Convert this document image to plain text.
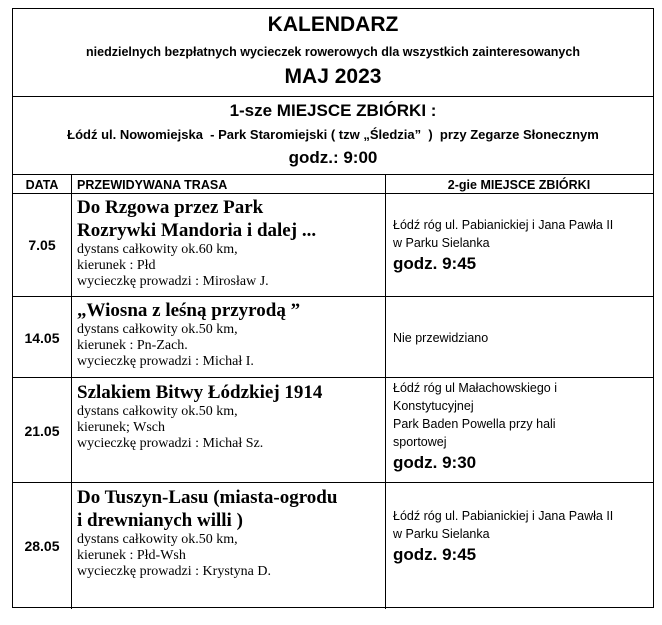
KALENDARZ
niedzielnych bezpłatnych wycieczek rowerowych dla wszystkich zainteresowanych
MAJ 2023
1-sze MIEJSCE ZBIÓRKI :
Łódź ul. Nowomiejska  - Park Staromiejski ( tzw „Śledzia”  )  przy Zegarze Słonecznym
godz.: 9:00
DATA	PRZEWIDYWANA TRASA	2-gie MIEJSCE ZBIÓRKI
7.05
Do Rzgowa przez Park
Rozrywki Mandoria i dalej ...
dystans całkowity ok.60 km,
kierunek : Płd
wycieczkę prowadzi : Mirosław J.
Łódź róg ul. Pabianickiej i Jana Pawła II
w Parku Sielanka
godz. 9:45
14.05
„Wiosna z leśną przyrodą ”
dystans całkowity ok.50 km,
kierunek : Pn-Zach.
wycieczkę prowadzi : Michał I.
Nie przewidziano
21.05
Szlakiem Bitwy Łódzkiej 1914
dystans całkowity ok.50 km,
kierunek; Wsch
wycieczkę prowadzi : Michał Sz.
Łódź róg ul Małachowskiego i
Konstytucyjnej
Park Baden Powella przy hali
sportowej
godz. 9:30
28.05
Do Tuszyn-Lasu (miasta-ogrodu
i drewnianych willi )
dystans całkowity ok.50 km,
kierunek : Płd-Wsh
wycieczkę prowadzi : Krystyna D.
Łódź róg ul. Pabianickiej i Jana Pawła II
w Parku Sielanka
godz. 9:45
